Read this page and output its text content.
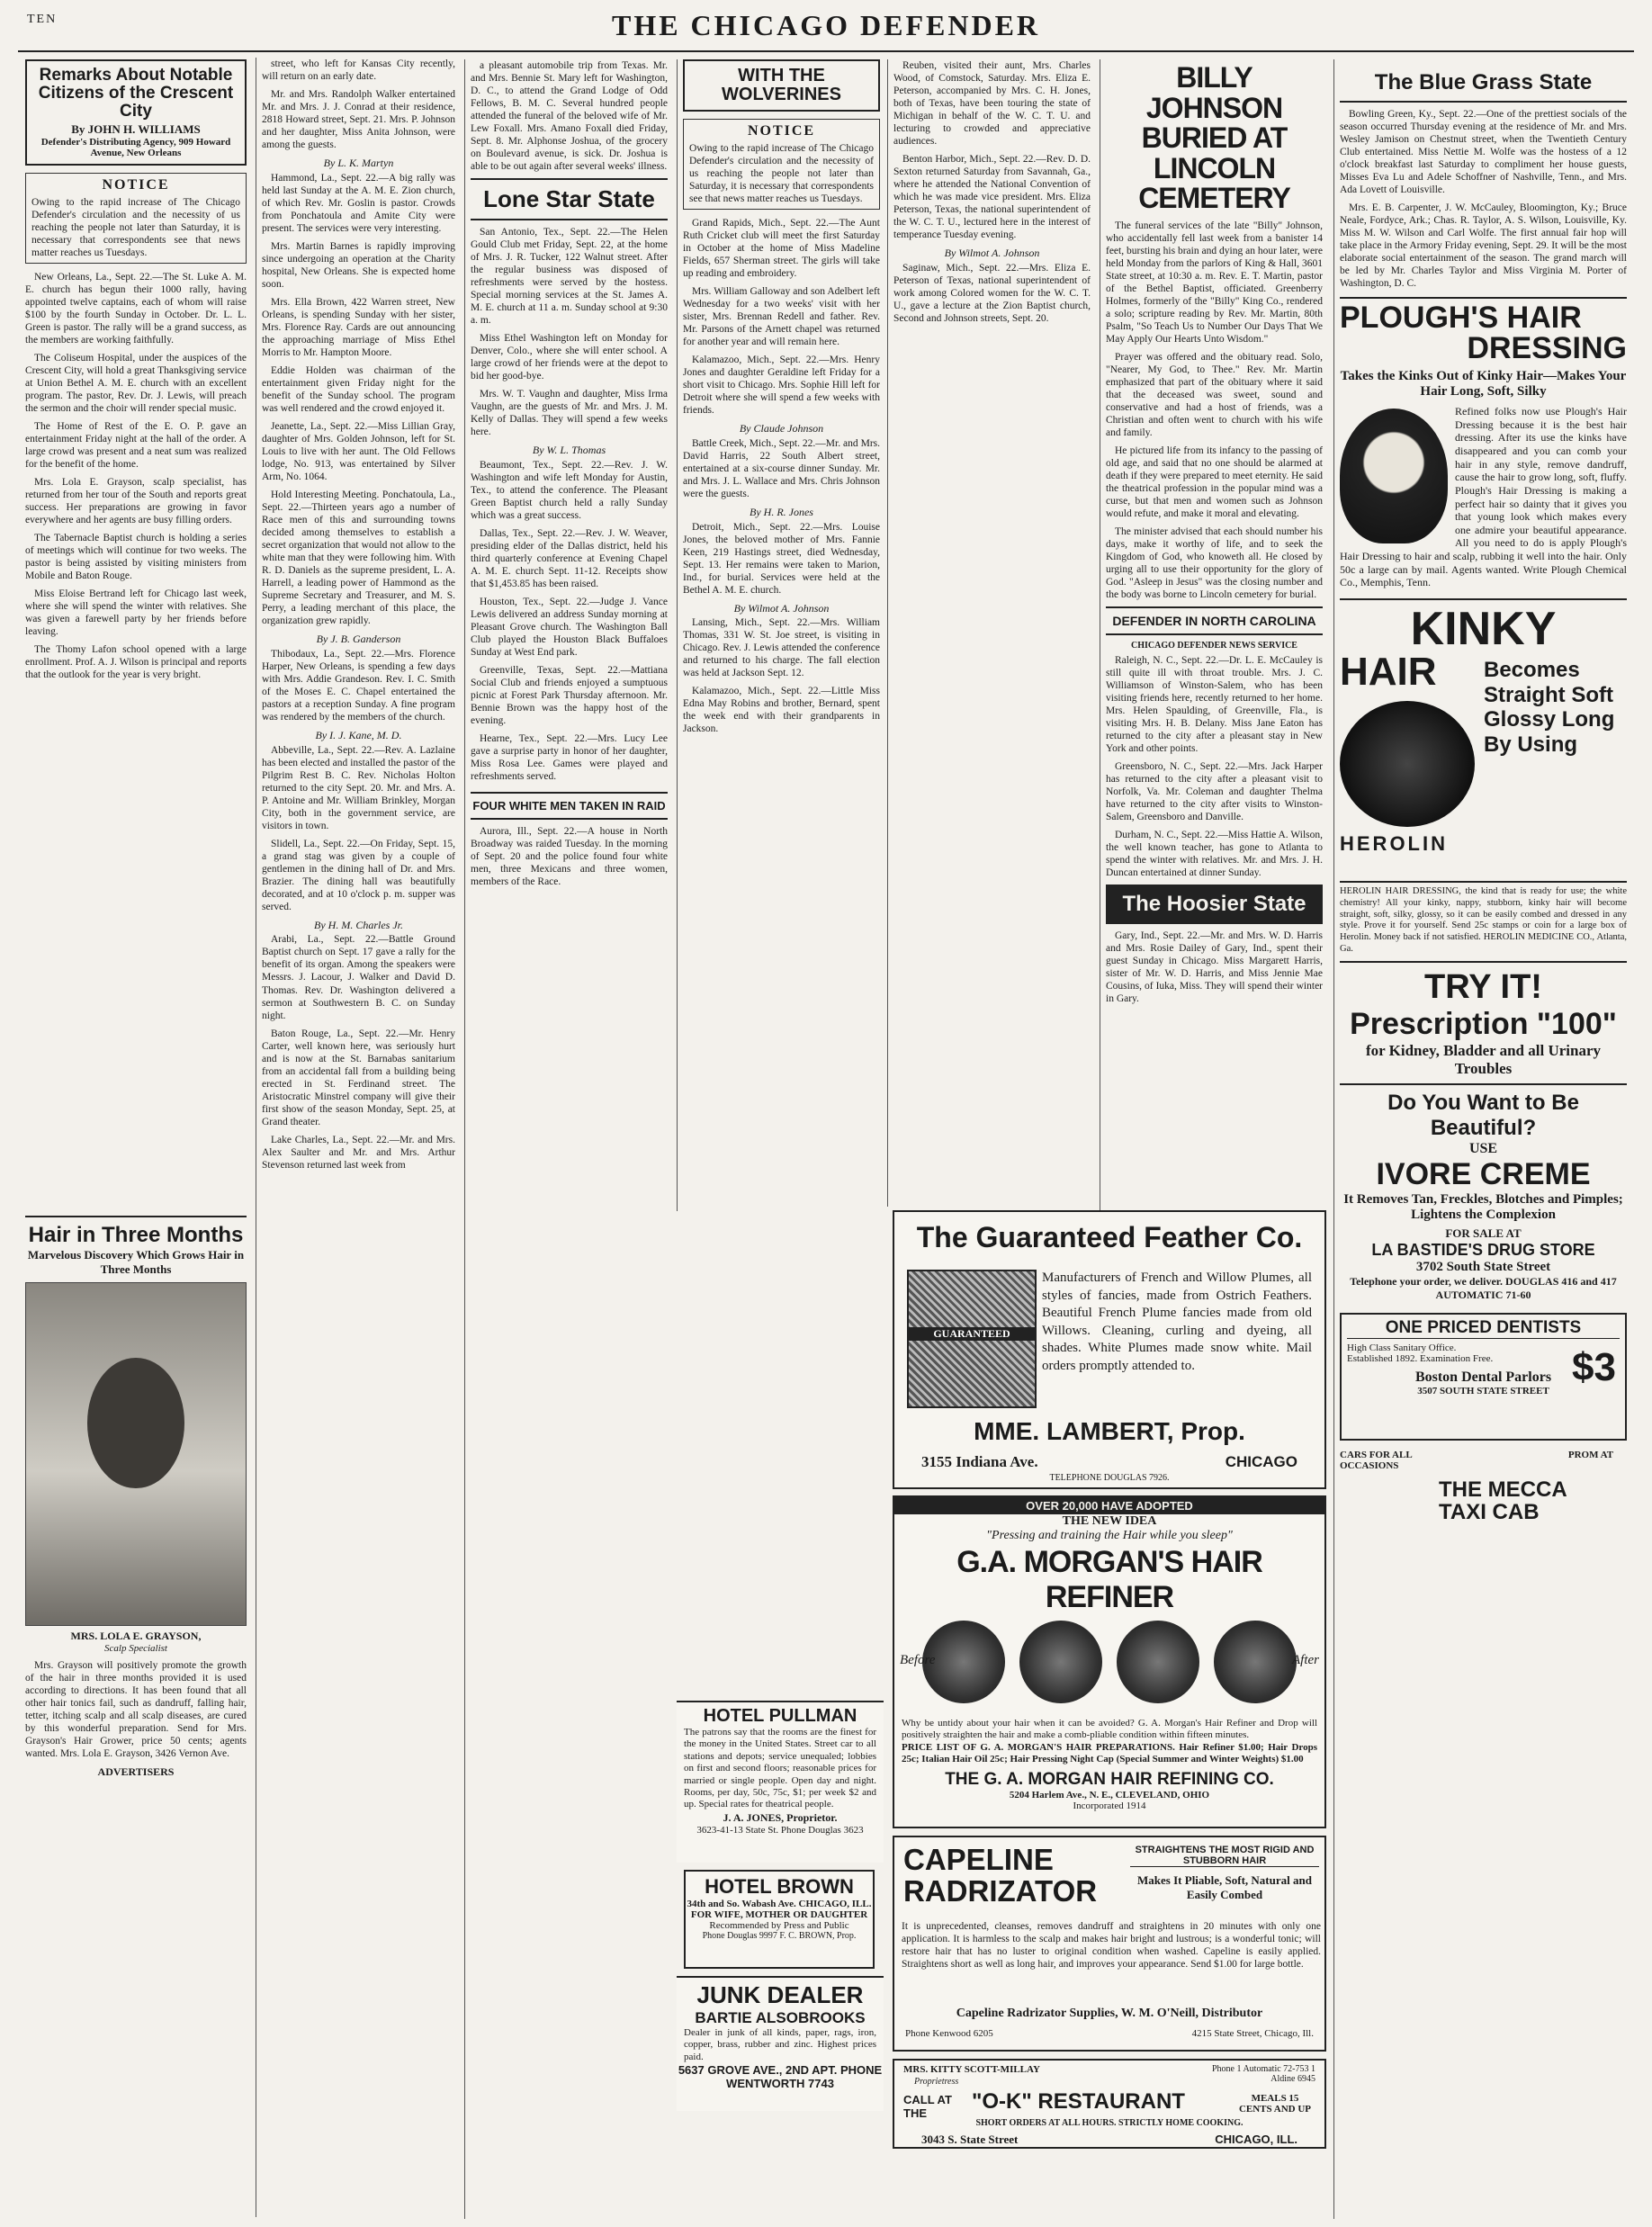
TEN	THE CHICAGO DEFENDER
Remarks About Notable Citizens of the Crescent City
By JOHN H. WILLIAMS
Defender's Distributing Agency, 909 Howard Avenue, New Orleans
NOTICE
Owing to the rapid increase of The Chicago Defender's circulation and the necessity of us reaching the people not later than Saturday, it is necessary that correspondents see that news matter reaches us Tuesdays.

New Orleans, La., Sept. 22.—The St. Luke A. M. E. church has begun their 1000 rally, having appointed twelve captains, each of whom will raise $100 by the fourth Sunday in October. Dr. L. L. Green is pastor. The rally will be a grand success, as the members are working faithfully.

The Coliseum Hospital, under the auspices of the Crescent City, will hold a great Thanksgiving service at Union Bethel A. M. E. church with an excellent program. The pastor, Rev. Dr. J. Lewis, will preach the sermon and the choir will render special music.

The Home of Rest of the E. O. P. gave an entertainment Friday night at the hall of the order. A large crowd was present and a neat sum was realized for the benefit of the home.

Mrs. Lola E. Grayson, scalp specialist, has returned from her tour of the South and reports great success. Her preparations are growing in favor everywhere and her agents are busy filling orders.

The Tabernacle Baptist church is holding a series of meetings which will continue for two weeks. The pastor is being assisted by visiting ministers from Mobile and Baton Rouge.

Miss Eloise Bertrand left for Chicago last week, where she will spend the winter with relatives. She was given a farewell party by her friends before leaving.

The Thomy Lafon school opened with a large enrollment. Prof. A. J. Wilson is principal and reports that the outlook for the year is very bright.

Hair in Three Months
Marvelous Discovery Which Grows Hair in Three Months
MRS. LOLA E. GRAYSON,
Scalp Specialist

Mrs. Grayson will positively promote the growth of the hair in three months provided it is used according to directions. It has been found that all other hair tonics fail, such as dandruff, falling hair, tetter, itching scalp and all scalp diseases, are cured by this wonderful preparation. Send for Mrs. Grayson's Hair Grower, price 50 cents; agents wanted. Mrs. Lola E. Grayson, 3426 Vernon Ave.

ADVERTISERS

street, who left for Kansas City recently, will return on an early date.

Mr. and Mrs. Randolph Walker entertained Mr. and Mrs. J. J. Conrad at their residence, 2818 Howard street, Sept. 21. Mrs. P. Johnson and her daughter, Miss Anita Johnson, were among the guests.

By L. K. Martyn

Hammond, La., Sept. 22.—A big rally was held last Sunday at the A. M. E. Zion church, of which Rev. Mr. Goslin is pastor. Crowds from Ponchatoula and Amite City were present. The services were very interesting.

Mrs. Martin Barnes is rapidly improving since undergoing an operation at the Charity hospital, New Orleans. She is expected home soon.

Mrs. Ella Brown, 422 Warren street, New Orleans, is spending Sunday with her sister, Mrs. Florence Ray. Cards are out announcing the approaching marriage of Miss Ethel Morris to Mr. Hampton Moore.

Eddie Holden was chairman of the entertainment given Friday night for the benefit of the Sunday school. The program was well rendered and the crowd enjoyed it.

Jeanette, La., Sept. 22.—Miss Lillian Gray, daughter of Mrs. Golden Johnson, left for St. Louis to live with her aunt. The Old Fellows lodge, No. 913, was entertained by Silver Arm, No. 1064.

Hold Interesting Meeting. Ponchatoula, La., Sept. 22.—Thirteen years ago a number of Race men of this and surrounding towns decided among themselves to establish a secret organization that would not allow to the white man that they were following him. With R. D. Daniels as the supreme president, L. A. Harrell, a leading power of Hammond as the Supreme Secretary and Treasurer, and M. S. Perry, a leading merchant of this place, the organization grew rapidly.

By J. B. Ganderson

Thibodaux, La., Sept. 22.—Mrs. Florence Harper, New Orleans, is spending a few days with Mrs. Addie Grandeson. Rev. I. C. Smith of the Moses E. C. Chapel entertained the pastors at a reception Sunday. A fine program was rendered by the members of the church.

By I. J. Kane, M. D.

Abbeville, La., Sept. 22.—Rev. A. Lazlaine has been elected and installed the pastor of the Pilgrim Rest B. C. Rev. Nicholas Holton returned to the city Sept. 20. Mr. and Mrs. A. P. Antoine and Mr. William Brinkley, Morgan City, both in the government service, are visitors in town.

Slidell, La., Sept. 22.—On Friday, Sept. 15, a grand stag was given by a couple of gentlemen in the dining hall of Dr. and Mrs. Brazier. The dining hall was beautifully decorated, and at 10 o'clock p. m. supper was served.

By H. M. Charles Jr.

Arabi, La., Sept. 22.—Battle Ground Baptist church on Sept. 17 gave a rally for the benefit of its organ. Among the speakers were Messrs. J. Lacour, J. Walker and David D. Thomas. Rev. Dr. Washington delivered a sermon at Southwestern B. C. on Sunday night.

Baton Rouge, La., Sept. 22.—Mr. Henry Carter, well known here, was seriously hurt and is now at the St. Barnabas sanitarium from an accidental fall from a building being erected in St. Ferdinand street. The Aristocratic Minstrel company will give their first show of the season Monday, Sept. 25, at Grand theater.

Lake Charles, La., Sept. 22.—Mr. and Mrs. Alex Saulter and Mr. and Mrs. Arthur Stevenson returned last week from

a pleasant automobile trip from Texas. Mr. and Mrs. Bennie St. Mary left for Washington, D. C., to attend the Grand Lodge of Odd Fellows, B. M. C. Several hundred people attended the funeral of the beloved wife of Mr. Lew Foxall. Mrs. Amano Foxall died Friday, Sept. 8. Mr. Alphonse Joshua, of the grocery on Boulevard avenue, is sick. Dr. Joshua is able to be out again after several weeks' illness.

Lone Star State

San Antonio, Tex., Sept. 22.—The Helen Gould Club met Friday, Sept. 22, at the home of Mrs. J. R. Tucker, 122 Walnut street. After the regular business was disposed of refreshments were served by the hostess. Special morning services at the St. James A. M. E. church at 11 a. m. Sunday school at 9:30 a. m.

Miss Ethel Washington left on Monday for Denver, Colo., where she will enter school. A large crowd of her friends were at the depot to bid her good-bye.

Mrs. W. T. Vaughn and daughter, Miss Irma Vaughn, are the guests of Mr. and Mrs. J. M. Kelly of Dallas. They will spend a few weeks here.

By W. L. Thomas

Beaumont, Tex., Sept. 22.—Rev. J. W. Washington and wife left Monday for Austin, Tex., to attend the conference. The Pleasant Green Baptist church held a rally Sunday which was a great success.

Dallas, Tex., Sept. 22.—Rev. J. W. Weaver, presiding elder of the Dallas district, held his third quarterly conference at Evening Chapel A. M. E. church Sept. 11-12. Receipts show that $1,453.85 has been raised.

Houston, Tex., Sept. 22.—Judge J. Vance Lewis delivered an address Sunday morning at Pleasant Grove church. The Washington Ball Club played the Houston Black Buffaloes Sunday at West End park.

Greenville, Texas, Sept. 22.—Mattiana Social Club and friends enjoyed a sumptuous picnic at Forest Park Thursday afternoon. Mr. Bennie Brown was the happy host of the evening.

Hearne, Tex., Sept. 22.—Mrs. Lucy Lee gave a surprise party in honor of her daughter, Miss Rosa Lee. Games were played and refreshments served.

FOUR WHITE MEN TAKEN IN RAID

Aurora, Ill., Sept. 22.—A house in North Broadway was raided Tuesday. In the morning of Sept. 20 and the police found four white men, three Mexicans and three women, members of the Race.

WITH THE WOLVERINES
NOTICE
Owing to the rapid increase of The Chicago Defender's circulation and the necessity of us reaching the people not later than Saturday, it is necessary that correspondents see that news matter reaches us Tuesdays.

Grand Rapids, Mich., Sept. 22.—The Aunt Ruth Cricket club will meet the first Saturday in October at the home of Miss Madeline Fields, 657 Sherman street. The girls will take up reading and embroidery.

Mrs. William Galloway and son Adelbert left Wednesday for a two weeks' visit with her sister, Mrs. Brennan Redell and father. Rev. Mr. Parsons of the Arnett chapel was returned for another year and will remain here.

Kalamazoo, Mich., Sept. 22.—Mrs. Henry Jones and daughter Geraldine left Friday for a short visit to Chicago. Mrs. Sophie Hill left for Detroit where she will spend a few weeks with friends.

By Claude Johnson

Battle Creek, Mich., Sept. 22.—Mr. and Mrs. David Harris, 22 South Albert street, entertained at a six-course dinner Sunday. Mr. and Mrs. J. L. Wallace and Mrs. Chris Johnson were the guests.

By H. R. Jones

Detroit, Mich., Sept. 22.—Mrs. Louise Jones, the beloved mother of Mrs. Fannie Keen, 219 Hastings street, died Wednesday, Sept. 13. Her remains were taken to Marion, Ind., for burial. Services were held at the Bethel A. M. E. church.

By Wilmot A. Johnson

Lansing, Mich., Sept. 22.—Mrs. William Thomas, 331 W. St. Joe street, is visiting in Chicago. Rev. J. Lewis attended the conference and returned to his charge. The fall election was held at Jackson Sept. 12.

Kalamazoo, Mich., Sept. 22.—Little Miss Edna May Robins and brother, Bernard, spent the week end with their grandparents in Jackson.

HOTEL PULLMAN
The patrons say that the rooms are the finest for the money in the United States. Street car to all stations and depots; service unequaled; lobbies on first and second floors; reasonable prices for married or single people. Open day and night. Rooms, per day, 50c, 75c, $1; per week $2 and up. Special rates for theatrical people.
J. A. JONES, Proprietor.
3623-41-13 State St. Phone Douglas 3623
HOTEL BROWN
34th and So. Wabash Ave. CHICAGO, ILL.
FOR WIFE, MOTHER OR DAUGHTER
Recommended by Press and Public
Phone Douglas 9997 F. C. BROWN, Prop.
JUNK DEALER
BARTIE ALSOBROOKS
Dealer in junk of all kinds, paper, rags, iron, copper, brass, rubber and zinc. Highest prices paid.
5637 GROVE AVE., 2ND APT. PHONE WENTWORTH 7743

Reuben, visited their aunt, Mrs. Charles Wood, of Comstock, Saturday. Mrs. Eliza E. Peterson, accompanied by Mrs. C. H. Jones, both of Texas, have been touring the state of Michigan in behalf of the W. C. T. U. and lecturing to crowded and appreciative audiences.

Benton Harbor, Mich., Sept. 22.—Rev. D. D. Sexton returned Saturday from Savannah, Ga., where he attended the National Convention of which he was made vice president. Mrs. Eliza Peterson, Texas, the national superintendent of the W. C. T. U., lectured here in the interest of temperance Tuesday evening.

By Wilmot A. Johnson

Saginaw, Mich., Sept. 22.—Mrs. Eliza E. Peterson of Texas, national superintendent of work among Colored women for the W. C. T. U., gave a lecture at the Zion Baptist church, Second and Johnson streets, Sept. 20.

BILLY JOHNSON BURIED AT LINCOLN CEMETERY

The funeral services of the late "Billy" Johnson, who accidentally fell last week from a banister 14 feet, bursting his brain and dying an hour later, were held Monday from the parlors of King & Hall, 3601 State street, at 10:30 a. m. Rev. E. T. Martin, pastor of the Bethel Baptist, officiated. Greenberry Holmes, formerly of the "Billy" King Co., rendered a solo; scripture reading by Rev. Mr. Martin, 80th Psalm, "So Teach Us to Number Our Days That We May Apply Our Hearts Unto Wisdom."

Prayer was offered and the obituary read. Solo, "Nearer, My God, to Thee." Rev. Mr. Martin emphasized that part of the obituary where it said that the deceased was sweet, sound and conservative and had a host of friends, was a Christian and often went to church with his wife and family.

He pictured life from its infancy to the passing of old age, and said that no one should be alarmed at death if they were prepared to meet eternity. He said the theatrical profession in the popular mind was a curse, but that men and women such as Johnson would refute, and make it moral and elevating.

The minister advised that each should number his days, make it worthy of life, and to seek the Kingdom of God, who knoweth all. He closed by urging all to use their opportunity for the glory of God. "Asleep in Jesus" was the closing number and the body was borne to Lincoln cemetery for burial.

DEFENDER IN NORTH CAROLINA

CHICAGO DEFENDER NEWS SERVICE

Raleigh, N. C., Sept. 22.—Dr. L. E. McCauley is still quite ill with throat trouble. Mrs. J. C. Williamson of Winston-Salem, who has been visiting friends here, recently returned to her home. Mrs. Helen Spaulding, of Greenville, Fla., is visiting Mrs. H. B. Delany. Miss Jane Eaton has returned to the city after a pleasant stay in New York and other points.

Greensboro, N. C., Sept. 22.—Mrs. Jack Harper has returned to the city after a pleasant visit to Norfolk, Va. Mr. Coleman and daughter Thelma have returned to the city after visits to Winston-Salem, Greensboro and Danville.

Durham, N. C., Sept. 22.—Miss Hattie A. Wilson, the well known teacher, has gone to Atlanta to spend the winter with relatives. Mr. and Mrs. J. H. Duncan entertained at dinner Sunday.

The Hoosier State

Gary, Ind., Sept. 22.—Mr. and Mrs. W. D. Harris and Mrs. Rosie Dailey of Gary, Ind., spent their guest Sunday in Chicago. Miss Margarett Harris, sister of Mr. W. D. Harris, and Miss Jennie Mae Cousins, of Iuka, Miss. They will spend their winter in Gary.

The Guaranteed Feather Co.
GUARANTEED
Manufacturers of French and Willow Plumes, all styles of fancies, made from Ostrich Feathers. Beautiful French Plume fancies made from old Willows. Cleaning, curling and dyeing, all shades. White Plumes made snow white. Mail orders promptly attended to.
MME. LAMBERT, Prop.
3155 Indiana Ave.	CHICAGO
TELEPHONE DOUGLAS 7926.
OVER 20,000 HAVE ADOPTED
THE NEW IDEA
"Pressing and training the Hair while you sleep"
G.A. MORGAN'S HAIR REFINER
Before
	After
Why be untidy about your hair when it can be avoided? G. A. Morgan's Hair Refiner and Drop will positively straighten the hair and make a comb-pliable condition within fifteen minutes.
PRICE LIST OF G. A. MORGAN'S HAIR PREPARATIONS. Hair Refiner $1.00; Hair Drops 25c; Italian Hair Oil 25c; Hair Pressing Night Cap (Special Summer and Winter Weights) $1.00
THE G. A. MORGAN HAIR REFINING CO.
5204 Harlem Ave., N. E., CLEVELAND, OHIO
Incorporated 1914
CAPELINE RADRIZATOR
STRAIGHTENS THE MOST RIGID AND STUBBORN HAIR
Makes It Pliable, Soft, Natural and Easily Combed
It is unprecedented, cleanses, removes dandruff and straightens in 20 minutes with only one application. It is harmless to the scalp and makes hair bright and lustrous; is a wonderful tonic; will restore hair that has no luster to original condition when washed. Capeline is easily applied. Straightens short as well as long hair, and improves your appearance. Send $1.00 for large bottle.
Capeline Radrizator Supplies, W. M. O'Neill, Distributor
Phone Kenwood 6205	4215 State Street, Chicago, Ill.
MRS. KITTY SCOTT-MILLAY
Proprietress
Phone 1 Automatic 72-753 1 Aldine 6945
CALL AT THE	"O-K" RESTAURANT	MEALS 15 CENTS AND UP
SHORT ORDERS AT ALL HOURS. STRICTLY HOME COOKING.
3043 S. State Street	CHICAGO, ILL.
The Blue Grass State

Bowling Green, Ky., Sept. 22.—One of the prettiest socials of the season occurred Thursday evening at the residence of Mr. and Mrs. Wesley Jamison on Chestnut street, when the Twentieth Century Club entertained. Miss Nettie M. Wolfe was the hostess of a 12 o'clock breakfast last Saturday to compliment her house guests, Misses Eva Lu and Adele Schoffner of Nashville, Tenn., and Mrs. Ada Lovett of Louisville.

Mrs. E. B. Carpenter, J. W. McCauley, Bloomington, Ky.; Bruce Neale, Fordyce, Ark.; Chas. R. Taylor, A. S. Wilson, Louisville, Ky. Miss M. W. Wilson and Carl Wolfe. The first annual fair hop will take place in the Armory Friday evening, Sept. 29. It will be the most elaborate social entertainment of the season. The grand march will be led by Mr. Charles Taylor and Miss Virginia M. Porter of Washington, D. C.

PLOUGH'S HAIR
DRESSING
Takes the Kinks Out of Kinky Hair—Makes Your Hair Long, Soft, Silky

Refined folks now use Plough's Hair Dressing because it is the best hair dressing. After its use the kinks have disappeared and you can comb your hair in any style, remove dandruff, cause the hair to grow long, soft, fluffy. Plough's Hair Dressing is making a perfect hair so dainty that it gives you that young look which makes every one admire your beautiful appearance. All you need to do is apply Plough's Hair Dressing to hair and scalp, rubbing it well into the hair. Only 50c a large can by mail. Agents wanted. Write Plough Chemical Co., Memphis, Tenn.

KINKY
HAIR	Becomes Straight Soft Glossy Long By Using
HEROLIN

HEROLIN HAIR DRESSING, the kind that is ready for use; the white chemistry! All your kinky, nappy, stubborn, kinky hair will become straight, soft, silky, glossy, so it can be easily combed and dressed in any style. Prove it for yourself. Send 25c stamps or coin for a large box of Herolin. Money back if not satisfied. HEROLIN MEDICINE CO., Atlanta, Ga.

TRY IT!
Prescription "100"
for Kidney, Bladder and all Urinary Troubles
Do You Want to Be Beautiful?
USE
IVORE CREME
It Removes Tan, Freckles, Blotches and Pimples; Lightens the Complexion
FOR SALE AT
LA BASTIDE'S DRUG STORE
3702 South State Street
Telephone your order, we deliver. DOUGLAS 416 and 417 AUTOMATIC 71-60
ONE PRICED DENTISTS
High Class Sanitary Office. Established 1892. Examination Free. $3
Boston Dental Parlors
3507 SOUTH STATE STREET
CARS FOR ALL OCCASIONS
PROM AT
THE MECCA TAXI CAB
